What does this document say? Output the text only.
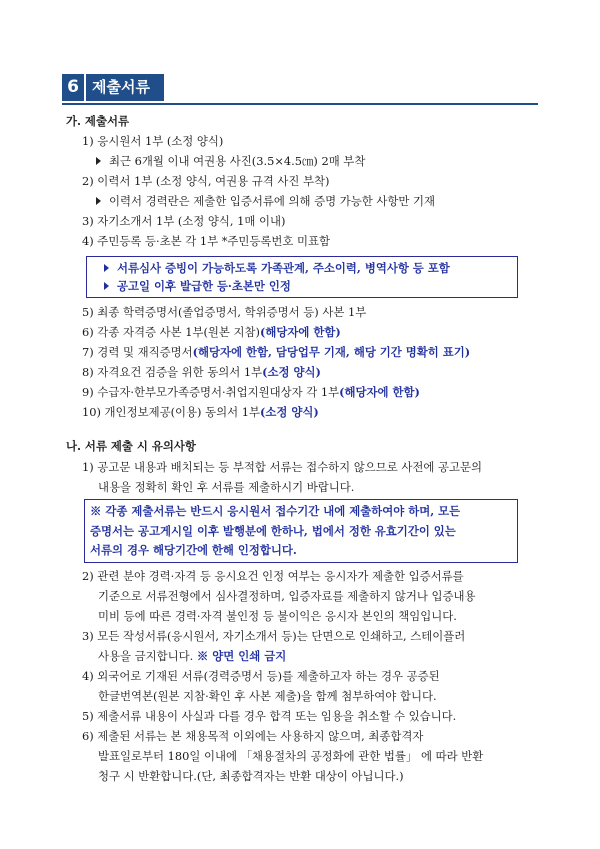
6 제출서류
가. 제출서류
1) 응시원서 1부 (소정 양식)
최근 6개월 이내 여권용 사진(3.5×4.5㎝) 2매 부착
2) 이력서 1부 (소정 양식, 여권용 규격 사진 부착)
이력서 경력란은 제출한 입증서류에 의해 증명 가능한 사항만 기재
3) 자기소개서 1부 (소정 양식, 1매 이내)
4) 주민등록 등·초본 각 1부 *주민등록번호 미표함
서류심사 증빙이 가능하도록 가족관계, 주소이력, 병역사항 등 포함
공고일 이후 발급한 등·초본만 인정
5) 최종 학력증명서(졸업증명서, 학위증명서 등) 사본 1부
6) 각종 자격증 사본 1부(원본 지참)(해당자에 한함)
7) 경력 및 재직증명서(해당자에 한함, 담당업무 기재, 해당 기간 명확히 표기)
8) 자격요건 검증을 위한 동의서 1부(소정 양식)
9) 수급자·한부모가족증명서·취업지원대상자 각 1부(해당자에 한함)
10) 개인정보제공(이용) 동의서 1부(소정 양식)
나. 서류 제출 시 유의사항
1) 공고문 내용과 배치되는 등 부적합 서류는 접수하지 않으므로 사전에 공고문의
내용을 정확히 확인 후 서류를 제출하시기 바랍니다.
※ 각종 제출서류는 반드시 응시원서 접수기간 내에 제출하여야 하며, 모든
증명서는 공고게시일 이후 발행분에 한하나, 법에서 정한 유효기간이 있는
서류의 경우 해당기간에 한해 인정합니다.
2) 관련 분야 경력·자격 등 응시요건 인정 여부는 응시자가 제출한 입증서류를
기준으로 서류전형에서 심사결정하며, 입증자료를 제출하지 않거나 입증내용
미비 등에 따른 경력·자격 불인정 등 불이익은 응시자 본인의 책임입니다.
3) 모든 작성서류(응시원서, 자기소개서 등)는 단면으로 인쇄하고, 스테이플러
사용을 금지합니다. ※ 양면 인쇄 금지
4) 외국어로 기재된 서류(경력증명서 등)를 제출하고자 하는 경우 공증된
한글번역본(원본 지참·확인 후 사본 제출)을 함께 첨부하여야 합니다.
5) 제출서류 내용이 사실과 다를 경우 합격 또는 임용을 취소할 수 있습니다.
6) 제출된 서류는 본 채용목적 이외에는 사용하지 않으며, 최종합격자
발표일로부터 180일 이내에 「채용절차의 공정화에 관한 법률」 에 따라 반환
청구 시 반환합니다.(단, 최종합격자는 반환 대상이 아닙니다.)
